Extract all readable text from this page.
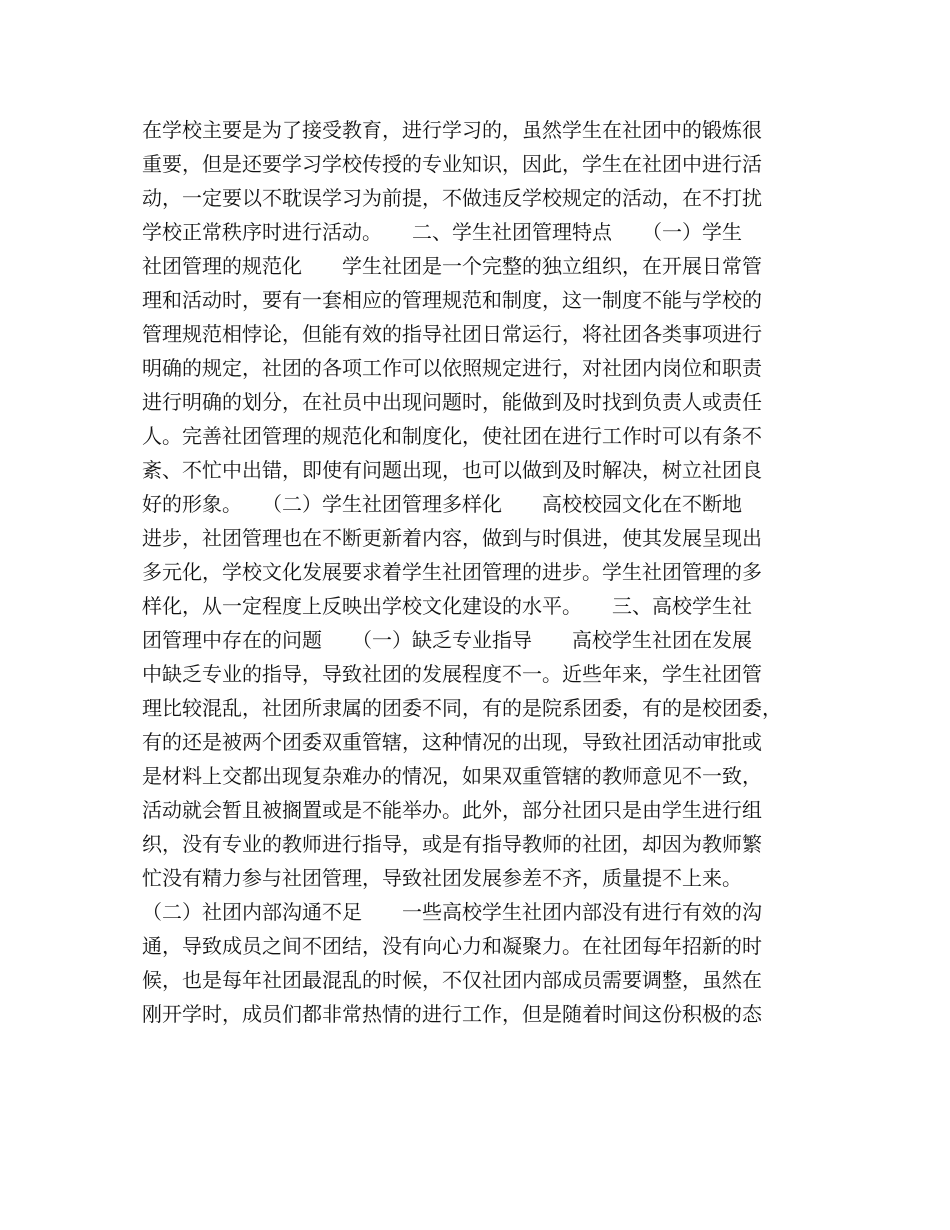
在学校主要是为了接受教育，进行学习的，虽然学生在社团中的锻炼很
重要，但是还要学习学校传授的专业知识，因此，学生在社团中进行活
动，一定要以不耽误学习为前提，不做违反学校规定的活动，在不打扰
学校正常秩序时进行活动。　　二、学生社团管理特点　　（一）学生
社团管理的规范化　　学生社团是一个完整的独立组织，在开展日常管
理和活动时，要有一套相应的管理规范和制度，这一制度不能与学校的
管理规范相悖论，但能有效的指导社团日常运行，将社团各类事项进行
明确的规定，社团的各项工作可以依照规定进行，对社团内岗位和职责
进行明确的划分，在社员中出现问题时，能做到及时找到负责人或责任
人。完善社团管理的规范化和制度化，使社团在进行工作时可以有条不
紊、不忙中出错，即使有问题出现，也可以做到及时解决，树立社团良
好的形象。　　（二）学生社团管理多样化　　高校校园文化在不断地
进步，社团管理也在不断更新着内容，做到与时俱进，使其发展呈现出
多元化，学校文化发展要求着学生社团管理的进步。学生社团管理的多
样化，从一定程度上反映出学校文化建设的水平。　　三、高校学生社
团管理中存在的问题　　（一）缺乏专业指导　　高校学生社团在发展
中缺乏专业的指导，导致社团的发展程度不一。近些年来，学生社团管
理比较混乱，社团所隶属的团委不同，有的是院系团委，有的是校团委，
有的还是被两个团委双重管辖，这种情况的出现，导致社团活动审批或
是材料上交都出现复杂难办的情况，如果双重管辖的教师意见不一致，
活动就会暂且被搁置或是不能举办。此外，部分社团只是由学生进行组
织，没有专业的教师进行指导，或是有指导教师的社团，却因为教师繁
忙没有精力参与社团管理，导致社团发展参差不齐，质量提不上来。
（二）社团内部沟通不足　　一些高校学生社团内部没有进行有效的沟
通，导致成员之间不团结，没有向心力和凝聚力。在社团每年招新的时
候，也是每年社团最混乱的时候，不仅社团内部成员需要调整，虽然在
刚开学时，成员们都非常热情的进行工作，但是随着时间这份积极的态
